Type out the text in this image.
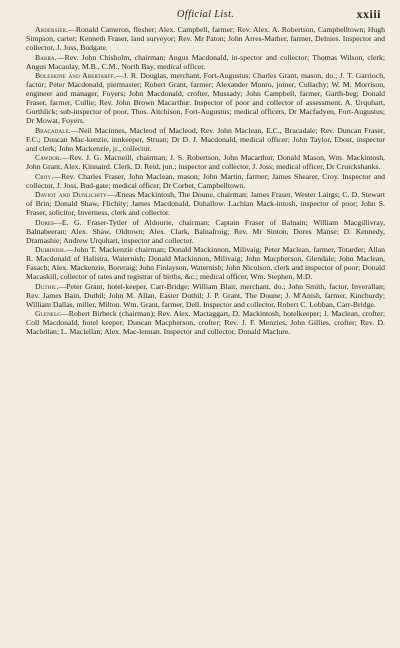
Official List.	xxiii

Ardersier.—Ronald Cameron, flesher; Alex. Campbell, farmer; Rev. Alex. A. Robertson, Campbelltown; Hugh Simpson, carter; Kenneth Fraser, land surveyor; Rev. Mr Paton; John Arres-Mather, farmer, Delnies. Inspector and collector, J. Joss, Budgate.

Barra.—Rev. John Chisholm, chairman; Angus Macdonald, in-spector and collector; Thomas Wilson, clerk; Angus Macaulay, M.B., C.M., North Bay, medical officer.

Boleskine and Abertarff.—J. R. Douglas, merchant, Fort-Augustus; Charles Grant, mason, do.; J. T. Garrioch, factor; Peter Macdonald, piermaster; Robert Grant, farmer; Alexander Munro, joiner, Cullachy; W. M. Morrison, engineer and manager, Foyers; John Macdonald, crofter, Mussady; John Campbell, farmer, Garth-beg; Donald Fraser, farmer, Cullie; Rev. John Brown Macarthur. Inspector of poor and collector of assessment, A. Urquhart, Gorthlick; sub-inspector of poor, Thos. Aitchison, Fort-Augustus; medical officers, Dr Macfadyen, Fort-Augustus; Dr Mowat, Foyers.

Bracadale.—Neil Macinnes, Macleod of Macleod, Rev. John Maclean, E.C., Bracadale; Rev. Duncan Fraser, F.C.; Duncan Mac-kenzie, innkeeper, Struan; Dr D. J. Macdonald, medical officer; John Taylor, Ebost, inspector and clerk; John Mackenzie, jr., collector.

Cawdor.—Rev. J. G. Macneill, chairman; J. S. Robertson, John Macarthur, Donald Mason, Wm. Mackintosh, John Grant, Alex. Kinnaird. Clerk, D. Reid, jun.; inspector and collector, J. Joss; medical officer, Dr Cruickshanks.

Croy.—Rev. Charles Fraser, John Maclean, mason; John Martin, farmer; James Shearer, Croy. Inspector and collector, J. Joss, Bud-gate; medical officer, Dr Corbet, Campbelltown.

Daviot and Dunlichity—Æneas Mackintosh, The Doune, chairman; James Fraser, Wester Lairgs; C. D. Stewart of Brin; Donald Shaw, Flichity; James Macdonald, Duhallow. Lachlan Mack-intosh, inspector of poor; John S. Fraser, solicitor, Inverness, clerk and collector.

Dores—E. G. Fraser-Tytler of Aldourie, chairman; Captain Fraser of Balnain; William Macgillivray, Balnabeeran; Alex. Shaw, Oldtown; Alex. Clark, Balnafroig; Rev. Mr Sinton, Dores Manse; D. Kennedy, Dramashie; Andrew Urquhart, inspector and collector.

Duirinish.—John T. Mackenzie chairman; Donald Mackinnon, Milivaig; Peter Maclean, farmer, Totarder; Allan R. Macdonald of Halistra, Waternish; Donald Mackinnon, Milivaig; John Macpherson, Glendale; John Maclean, Fasach; Alex. Mackenzie, Boreraig; John Finlayson, Waternish; John Nicolson, clerk and inspector of poor; Donald Macaskill, collector of rates and registrar of births, &c.; medical officer, Wm. Stephen, M.D.

Duthil.—Peter Grant, hotel-keeper, Carr-Bridge; William Blair, merchant, do.; John Smith, factor, Inverallan; Rev. James Bain, Duthil; John M. Allan, Easter Duthil; J. P. Grant, The Doune; J. M'Anish, farmer, Kinchurdy; William Dallas, miller, Milton. Wm. Grant, farmer, Dell. Inspector and collector, Robert C. Lobban, Carr-Bridge.

Glenelg—Robert Birbeck (chairman); Rev. Alex. Mactaggart, D. Mackintosh, hotelkeeper; J. Maclean, crofter; Coll Macdonald, hotel keeper; Duncan Macpherson, crofter; Rev. J. F. Menzies, John Gillies, crofter; Rev. D. Maclellan; L. Maclellan; Alex. Mac-lennan. Inspector and collector, Donald Maclure.
